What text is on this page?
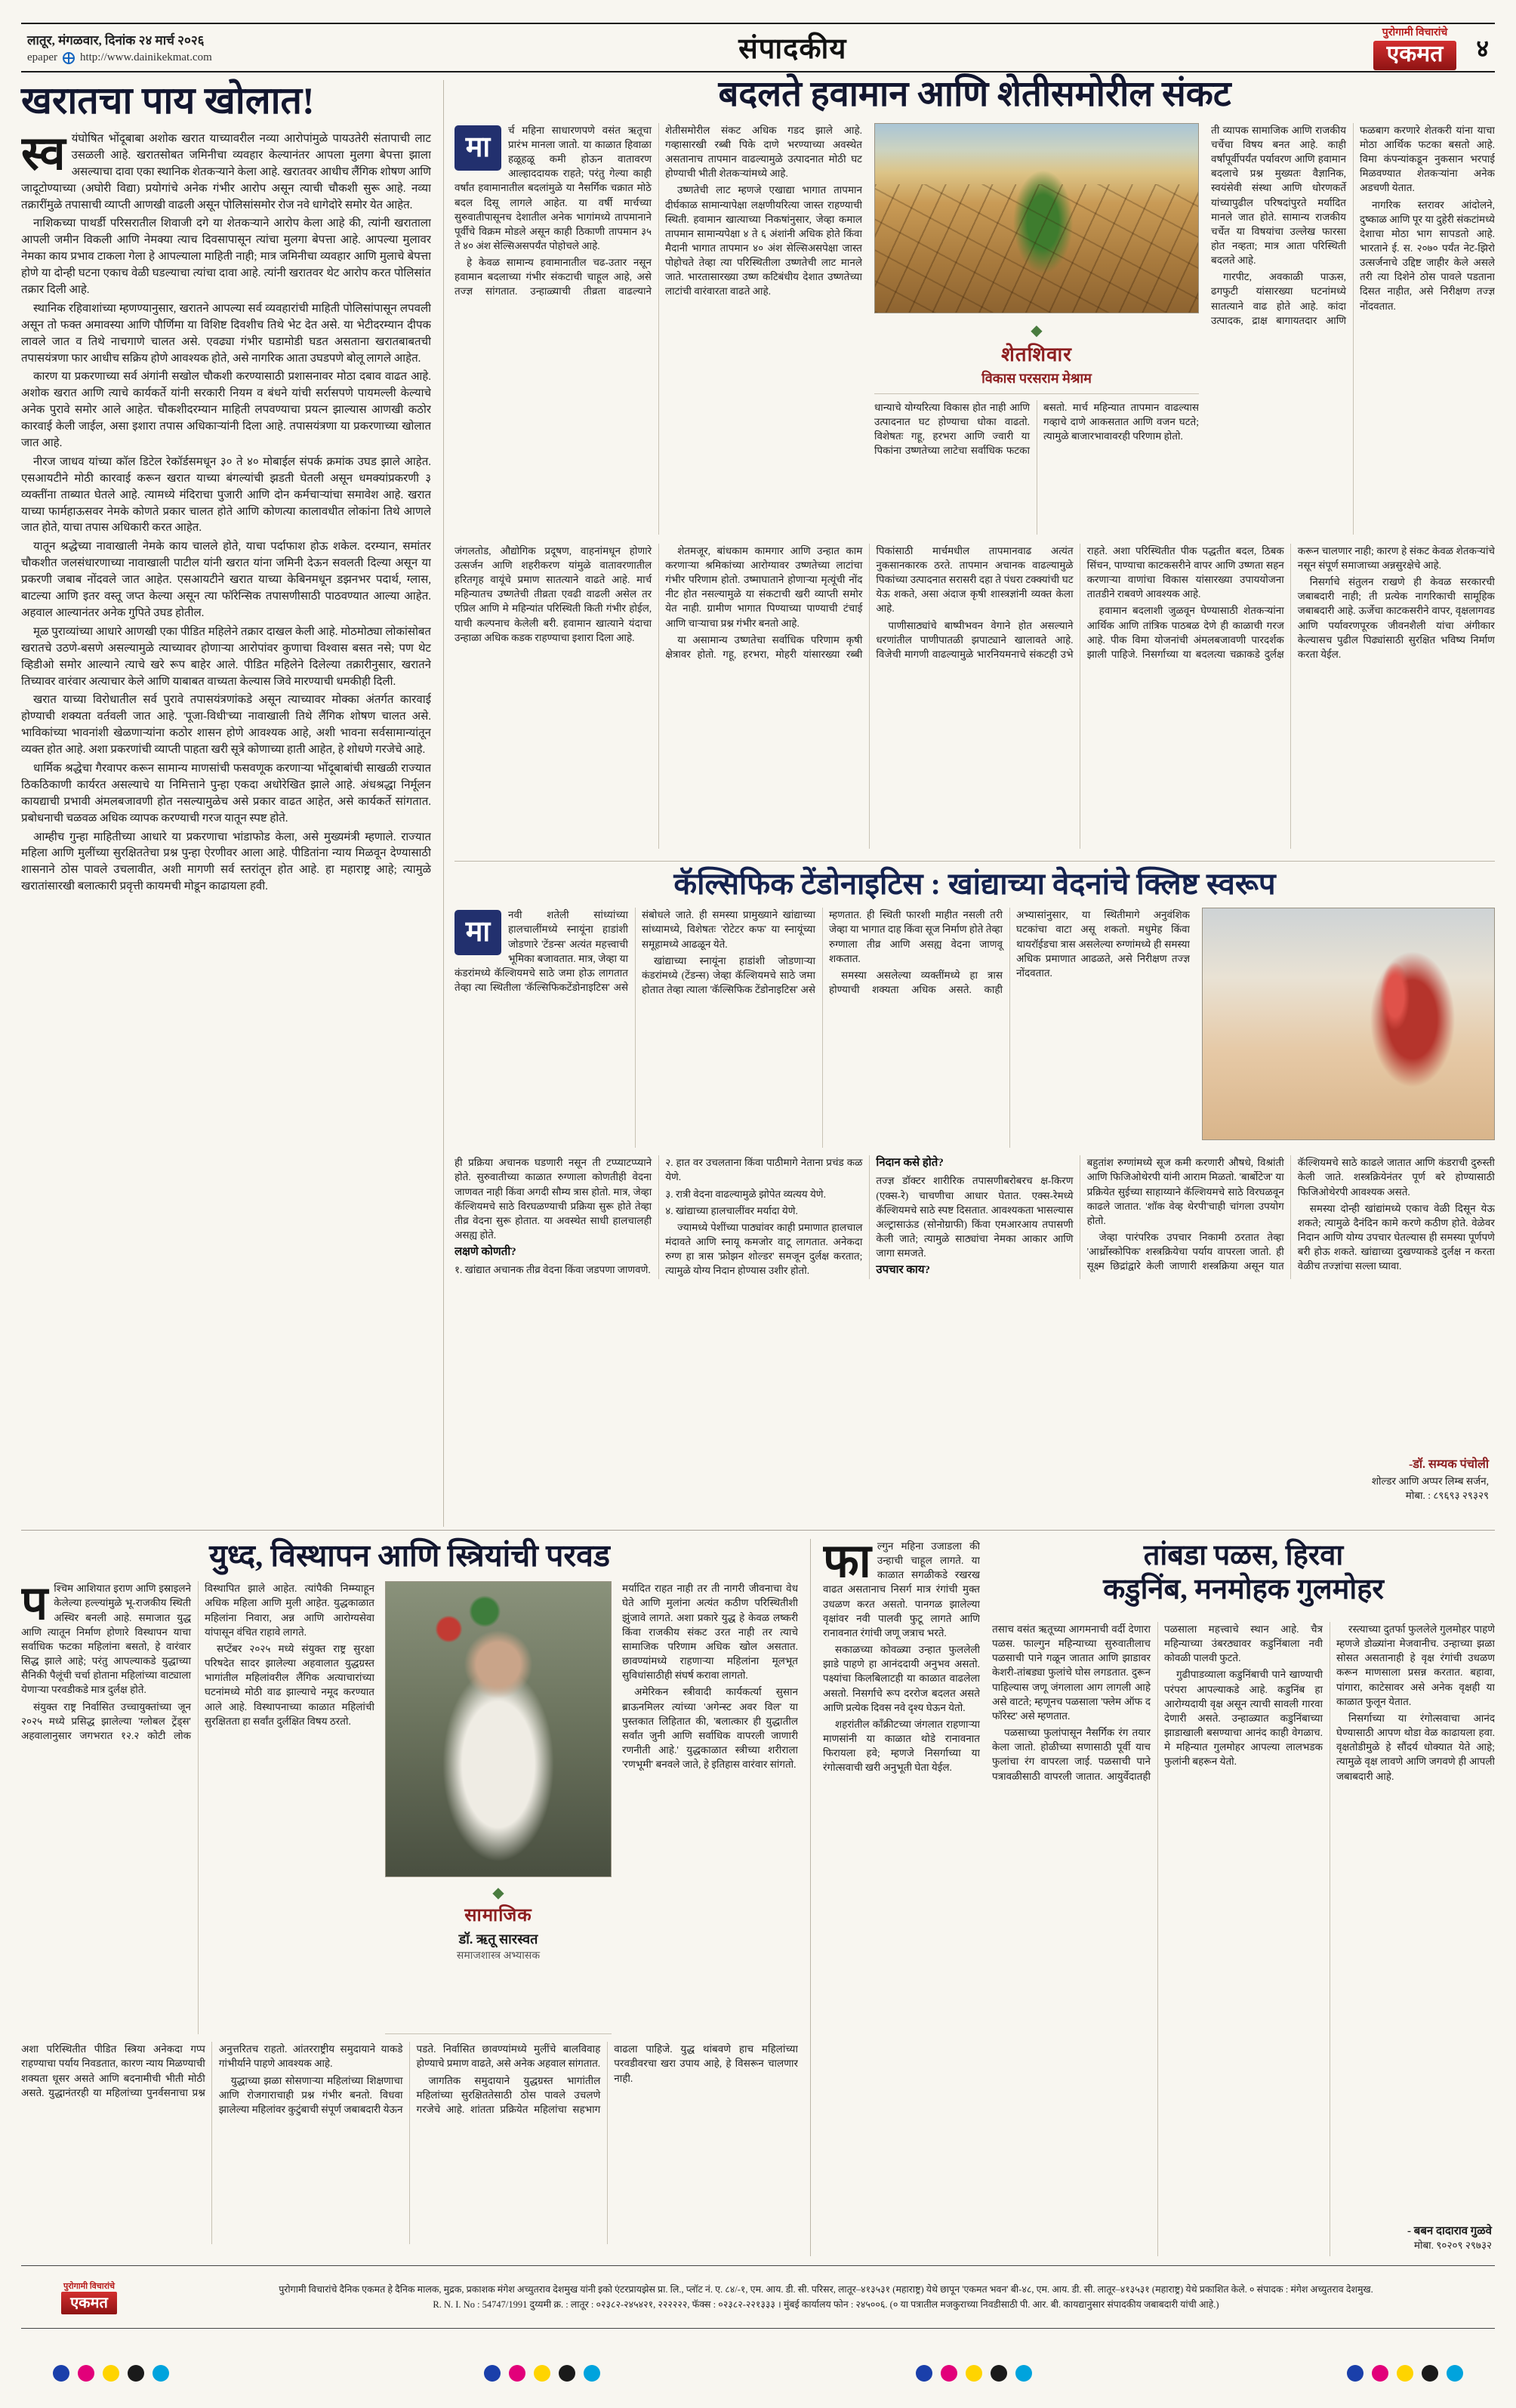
लातूर, मंगळवार, दिनांक २४ मार्च २०२६
epaper http://www.dainikekmat.com	संपादकीय
पुरोगामी विचारांचे
एकमत	४
खरातचा पाय खोलात!

स्व यंघोषित भोंदूबाबा अशोक खरात याच्यावरील नव्या आरोपांमुळे पायउतेरी संतापाची लाट उसळली आहे. खरातसोबत जमिनीचा व्यवहार केल्यानंतर आपला मुलगा बेपत्ता झाला असल्याचा दावा एका स्थानिक शेतकऱ्याने केला आहे. खरातवर आधीच लैंगिक शोषण आणि जादूटोण्याच्या (अघोरी विद्या) प्रयोगांचे अनेक गंभीर आरोप असून त्याची चौकशी सुरू आहे. नव्या तक्रारींमुळे तपासाची व्याप्ती आणखी वाढली असून पोलिसांसमोर रोज नवे धागेदोरे समोर येत आहेत.

नाशिकच्या पाथर्डी परिसरातील शिवाजी दगे या शेतकऱ्याने आरोप केला आहे की, त्यांनी खराताला आपली जमीन विकली आणि नेमक्या त्याच दिवसापासून त्यांचा मुलगा बेपत्ता आहे. आपल्या मुलावर नेमका काय प्रभाव टाकला गेला हे आपल्याला माहिती नाही; मात्र जमिनीचा व्यवहार आणि मुलाचे बेपत्ता होणे या दोन्ही घटना एकाच वेळी घडल्याचा त्यांचा दावा आहे. त्यांनी खरातवर थेट आरोप करत पोलिसांत तक्रार दिली आहे.

स्थानिक रहिवाशांच्या म्हणण्यानुसार, खरातने आपल्या सर्व व्यवहारांची माहिती पोलिसांपासून लपवली असून तो फक्त अमावस्या आणि पौर्णिमा या विशिष्ट दिवशीच तिथे भेट देत असे. या भेटीदरम्यान दीपक लावले जात व तिथे नाचगाणे चालत असे. एवढ्या गंभीर घडामोडी घडत असताना खरातबाबतची तपासयंत्रणा फार आधीच सक्रिय होणे आवश्यक होते, असे नागरिक आता उघडपणे बोलू लागले आहेत.

कारण या प्रकरणाच्या सर्व अंगांनी सखोल चौकशी करण्यासाठी प्रशासनावर मोठा दबाव वाढत आहे. अशोक खरात आणि त्याचे कार्यकर्ते यांनी सरकारी नियम व बंधने यांची सर्रासपणे पायमल्ली केल्याचे अनेक पुरावे समोर आले आहेत. चौकशीदरम्यान माहिती लपवण्याचा प्रयत्न झाल्यास आणखी कठोर कारवाई केली जाईल, असा इशारा तपास अधिकाऱ्यांनी दिला आहे. तपासयंत्रणा या प्रकरणाच्या खोलात जात आहे.

नीरज जाधव यांच्या कॉल डिटेल रेकॉर्डसमधून ३० ते ४० मोबाईल संपर्क क्रमांक उघड झाले आहेत. एसआयटीने मोठी कारवाई करून खरात याच्या बंगल्यांची झडती घेतली असून धमक्यांप्रकरणी ३ व्यक्तींना ताब्यात घेतले आहे. त्यामध्ये मंदिराचा पुजारी आणि दोन कर्मचाऱ्यांचा समावेश आहे. खरात याच्या फार्महाऊसवर नेमके कोणते प्रकार चालत होते आणि कोणत्या कालावधीत लोकांना तिथे आणले जात होते, याचा तपास अधिकारी करत आहेत.

यातून श्रद्धेच्या नावाखाली नेमके काय चालले होते, याचा पर्दाफाश होऊ शकेल. दरम्यान, समांतर चौकशीत जलसंधारणाच्या नावाखाली पाटील यांनी खरात यांना जमिनी देऊन सवलती दिल्या असून या प्रकरणी जबाब नोंदवले जात आहेत. एसआयटीने खरात याच्या केबिनमधून डझनभर पदार्थ, ग्लास, बाटल्या आणि इतर वस्तू जप्त केल्या असून त्या फॉरेन्सिक तपासणीसाठी पाठवण्यात आल्या आहेत. अहवाल आल्यानंतर अनेक गुपिते उघड होतील.

मूळ पुराव्यांच्या आधारे आणखी एका पीडित महिलेने तक्रार दाखल केली आहे. मोठमोठ्या लोकांसोबत खरातचे उठणे-बसणे असल्यामुळे त्याच्यावर होणाऱ्या आरोपांवर कुणाचा विश्वास बसत नसे; पण थेट व्हिडीओ समोर आल्याने त्याचे खरे रूप बाहेर आले. पीडित महिलेने दिलेल्या तक्रारीनुसार, खरातने तिच्यावर वारंवार अत्याचार केले आणि याबाबत वाच्यता केल्यास जिवे मारण्याची धमकीही दिली.

खरात याच्या विरोधातील सर्व पुरावे तपासयंत्रणांकडे असून त्याच्यावर मोक्का अंतर्गत कारवाई होण्याची शक्यता वर्तवली जात आहे. 'पूजा-विधी'च्या नावाखाली तिथे लैंगिक शोषण चालत असे. भाविकांच्या भावनांशी खेळणाऱ्यांना कठोर शासन होणे आवश्यक आहे, अशी भावना सर्वसामान्यांतून व्यक्त होत आहे. अशा प्रकरणांची व्याप्ती पाहता खरी सूत्रे कोणाच्या हाती आहेत, हे शोधणे गरजेचे आहे.

धार्मिक श्रद्धेचा गैरवापर करून सामान्य माणसांची फसवणूक करणाऱ्या भोंदूबाबांची साखळी राज्यात ठिकठिकाणी कार्यरत असल्याचे या निमित्ताने पुन्हा एकदा अधोरेखित झाले आहे. अंधश्रद्धा निर्मूलन कायद्याची प्रभावी अंमलबजावणी होत नसल्यामुळेच असे प्रकार वाढत आहेत, असे कार्यकर्ते सांगतात. प्रबोधनाची चळवळ अधिक व्यापक करण्याची गरज यातून स्पष्ट होते.

आम्हीच गुन्हा माहितीच्या आधारे या प्रकरणाचा भांडाफोड केला, असे मुख्यमंत्री म्हणाले. राज्यात महिला आणि मुलींच्या सुरक्षिततेचा प्रश्न पुन्हा ऐरणीवर आला आहे. पीडितांना न्याय मिळवून देण्यासाठी शासनाने ठोस पावले उचलावीत, अशी मागणी सर्व स्तरांतून होत आहे. हा महाराष्ट्र आहे; त्यामुळे खरातांसारखी बलात्कारी प्रवृत्ती कायमची मोडून काढायला हवी.

बदलते हवामान आणि शेतीसमोरील संकट

मा
र्च महिना साधारणपणे वसंत ऋतूचा प्रारंभ मानला जातो. या काळात हिवाळा हळूहळू कमी होऊन वातावरण आल्हाददायक राहते; परंतु गेल्या काही वर्षांत हवामानातील बदलांमुळे या नैसर्गिक चक्रात मोठे बदल दिसू लागले आहेत. या वर्षी मार्चच्या सुरुवातीपासूनच देशातील अनेक भागांमध्ये तापमानाने पूर्वीचे विक्रम मोडले असून काही ठिकाणी तापमान ३५ ते ४० अंश सेल्सिअसपर्यंत पोहोचले आहे.

हे केवळ सामान्य हवामानातील चढ-उतार नसून हवामान बदलाच्या गंभीर संकटाची चाहूल आहे, असे तज्ज्ञ सांगतात. उन्हाळ्याची तीव्रता वाढल्याने शेतीसमोरील संकट अधिक गडद झाले आहे. गव्हासारखी रब्बी पिके दाणे भरण्याच्या अवस्थेत असतानाच तापमान वाढल्यामुळे उत्पादनात मोठी घट होण्याची भीती शेतकऱ्यांमध्ये आहे.

उष्णतेची लाट म्हणजे एखाद्या भागात तापमान दीर्घकाळ सामान्यापेक्षा लक्षणीयरित्या जास्त राहण्याची स्थिती. हवामान खात्याच्या निकषांनुसार, जेव्हा कमाल तापमान सामान्यपेक्षा ४ ते ६ अंशांनी अधिक होते किंवा मैदानी भागात तापमान ४० अंश सेल्सिअसपेक्षा जास्त पोहोचते तेव्हा त्या परिस्थितीला उष्णतेची लाट मानले जाते. भारतासारख्या उष्ण कटिबंधीय देशात उष्णतेच्या लाटांची वारंवारता वाढते आहे.

◆
शेतशिवार
विकास परसराम मेश्राम

धान्याचे योग्यरित्या विकास होत नाही आणि उत्पादनात घट होण्याचा धोका वाढतो. विशेषतः गहू, हरभरा आणि ज्वारी या पिकांना उष्णतेच्या लाटेचा सर्वाधिक फटका बसतो. मार्च महिन्यात तापमान वाढल्यास गव्हाचे दाणे आकसतात आणि वजन घटते; त्यामुळे बाजारभावावरही परिणाम होतो.

ती व्यापक सामाजिक आणि राजकीय चर्चेचा विषय बनत आहे. काही वर्षांपूर्वीपर्यंत पर्यावरण आणि हवामान बदलाचे प्रश्न मुख्यतः वैज्ञानिक, स्वयंसेवी संस्था आणि धोरणकर्ते यांच्यापुढील परिषदांपुरते मर्यादित मानले जात होते. सामान्य राजकीय चर्चेत या विषयांचा उल्लेख फारसा होत नव्हता; मात्र आता परिस्थिती बदलते आहे.

गारपीट, अवकाळी पाऊस, ढगफुटी यांसारख्या घटनांमध्ये सातत्याने वाढ होते आहे. कांदा उत्पादक, द्राक्ष बागायतदार आणि फळबाग करणारे शेतकरी यांना याचा मोठा आर्थिक फटका बसतो आहे. विमा कंपन्यांकडून नुकसान भरपाई मिळवण्यात शेतकऱ्यांना अनेक अडचणी येतात.

नागरिक स्तरावर आंदोलने, दुष्काळ आणि पूर या दुहेरी संकटांमध्ये देशाचा मोठा भाग सापडतो आहे. भारताने ई. स. २०७० पर्यंत नेट-झिरो उत्सर्जनाचे उद्दिष्ट जाहीर केले असले तरी त्या दिशेने ठोस पावले पडताना दिसत नाहीत, असे निरीक्षण तज्ज्ञ नोंदवतात.

जंगलतोड, औद्योगिक प्रदूषण, वाहनांमधून होणारे उत्सर्जन आणि शहरीकरण यांमुळे वातावरणातील हरितगृह वायूंचे प्रमाण सातत्याने वाढते आहे. मार्च महिन्यातच उष्णतेची तीव्रता एवढी वाढली असेल तर एप्रिल आणि मे महिन्यांत परिस्थिती किती गंभीर होईल, याची कल्पनाच केलेली बरी. हवामान खात्याने यंदाचा उन्हाळा अधिक कडक राहण्याचा इशारा दिला आहे.

शेतमजूर, बांधकाम कामगार आणि उन्हात काम करणाऱ्या श्रमिकांच्या आरोग्यावर उष्णतेच्या लाटांचा गंभीर परिणाम होतो. उष्माघाताने होणाऱ्या मृत्यूंची नोंद नीट होत नसल्यामुळे या संकटाची खरी व्याप्ती समोर येत नाही. ग्रामीण भागात पिण्याच्या पाण्याची टंचाई आणि चाऱ्याचा प्रश्न गंभीर बनतो आहे.

या असामान्य उष्णतेचा सर्वाधिक परिणाम कृषी क्षेत्रावर होतो. गहू, हरभरा, मोहरी यांसारख्या रब्बी पिकांसाठी मार्चमधील तापमानवाढ अत्यंत नुकसानकारक ठरते. तापमान अचानक वाढल्यामुळे पिकांच्या उत्पादनात सरासरी दहा ते पंधरा टक्क्यांची घट येऊ शकते, असा अंदाज कृषी शास्त्रज्ञांनी व्यक्त केला आहे.

पाणीसाठ्यांचे बाष्पीभवन वेगाने होत असल्याने धरणांतील पाणीपातळी झपाट्याने खालावते आहे. विजेची मागणी वाढल्यामुळे भारनियमनाचे संकटही उभे राहते. अशा परिस्थितीत पीक पद्धतीत बदल, ठिबक सिंचन, पाण्याचा काटकसरीने वापर आणि उष्णता सहन करणाऱ्या वाणांचा विकास यांसारख्या उपाययोजना तातडीने राबवणे आवश्यक आहे.

हवामान बदलाशी जुळवून घेण्यासाठी शेतकऱ्यांना आर्थिक आणि तांत्रिक पाठबळ देणे ही काळाची गरज आहे. पीक विमा योजनांची अंमलबजावणी पारदर्शक झाली पाहिजे. निसर्गाच्या या बदलत्या चक्राकडे दुर्लक्ष करून चालणार नाही; कारण हे संकट केवळ शेतकऱ्यांचे नसून संपूर्ण समाजाच्या अन्नसुरक्षेचे आहे.

निसर्गाचे संतुलन राखणे ही केवळ सरकारची जबाबदारी नाही; ती प्रत्येक नागरिकाची सामूहिक जबाबदारी आहे. ऊर्जेचा काटकसरीने वापर, वृक्षलागवड आणि पर्यावरणपूरक जीवनशैली यांचा अंगीकार केल्यासच पुढील पिढ्यांसाठी सुरक्षित भविष्य निर्माण करता येईल.

कॅल्सिफिक टेंडोनाइटिस : खांद्याच्या वेदनांचे क्लिष्ट स्वरूप

मा
नवी शतेली सांध्यांच्या हालचालींमध्ये स्नायूंना हाडांशी जोडणारे 'टेंडन्स' अत्यंत महत्त्वाची भूमिका बजावतात. मात्र, जेव्हा या कंडरांमध्ये कॅल्शियमचे साठे जमा होऊ लागतात तेव्हा त्या स्थितीला 'कॅल्सिफिकटेंडोनाइटिस' असे संबोधले जाते. ही समस्या प्रामुख्याने खांद्याच्या सांध्यामध्ये, विशेषतः 'रोटेटर कफ' या स्नायूंच्या समूहामध्ये आढळून येते.

खांद्याच्या स्नायूंना हाडांशी जोडणाऱ्या कंडरांमध्ये (टेंडन्स) जेव्हा कॅल्शियमचे साठे जमा होतात तेव्हा त्याला 'कॅल्सिफिक टेंडोनाइटिस' असे म्हणतात. ही स्थिती फारशी माहीत नसली तरी जेव्हा या भागात दाह किंवा सूज निर्माण होते तेव्हा रुग्णाला तीव्र आणि असह्य वेदना जाणवू शकतात.

समस्या असलेल्या व्यक्तींमध्ये हा त्रास होण्याची शक्यता अधिक असते. काही अभ्यासांनुसार, या स्थितीमागे अनुवंशिक घटकांचा वाटा असू शकतो. मधुमेह किंवा थायरॉईडचा त्रास असलेल्या रुग्णांमध्ये ही समस्या अधिक प्रमाणात आढळते, असे निरीक्षण तज्ज्ञ नोंदवतात.

ही प्रक्रिया अचानक घडणारी नसून ती टप्प्याटप्प्याने होते. सुरुवातीच्या काळात रुग्णाला कोणतीही वेदना जाणवत नाही किंवा अगदी सौम्य त्रास होतो. मात्र, जेव्हा कॅल्शियमचे साठे विरघळण्याची प्रक्रिया सुरू होते तेव्हा तीव्र वेदना सुरू होतात. या अवस्थेत साधी हालचालही असह्य होते.

लक्षणे कोणती?

१. खांद्यात अचानक तीव्र वेदना किंवा जडपणा जाणवणे.

२. हात वर उचलताना किंवा पाठीमागे नेताना प्रचंड कळ येणे.

३. रात्री वेदना वाढल्यामुळे झोपेत व्यत्यय येणे.

४. खांद्याच्या हालचालींवर मर्यादा येणे.

ज्यामध्ये पेशींच्या पाठ्यांवर काही प्रमाणात हालचाल मंदावते आणि स्नायू कमजोर वाटू लागतात. अनेकदा रुग्ण हा त्रास 'फ्रोझन शोल्डर' समजून दुर्लक्ष करतात; त्यामुळे योग्य निदान होण्यास उशीर होतो.

निदान कसे होते?

तज्ज्ञ डॉक्टर शारीरिक तपासणीबरोबरच क्ष-किरण (एक्स-रे) चाचणीचा आधार घेतात. एक्स-रेमध्ये कॅल्शियमचे साठे स्पष्ट दिसतात. आवश्यकता भासल्यास अल्ट्रासाऊंड (सोनोग्राफी) किंवा एमआरआय तपासणी केली जाते; त्यामुळे साठ्यांचा नेमका आकार आणि जागा समजते.

उपचार काय?

बहुतांश रुग्णांमध्ये सूज कमी करणारी औषधे, विश्रांती आणि फिजिओथेरपी यांनी आराम मिळतो. 'बार्बोटेज' या प्रक्रियेत सुईच्या साहाय्याने कॅल्शियमचे साठे विरघळवून काढले जातात. 'शॉक वेव्ह थेरपी'चाही चांगला उपयोग होतो.

जेव्हा पारंपरिक उपचार निकामी ठरतात तेव्हा 'आर्थ्रोस्कोपिक' शस्त्रक्रियेचा पर्याय वापरला जातो. ही सूक्ष्म छिद्रांद्वारे केली जाणारी शस्त्रक्रिया असून यात कॅल्शियमचे साठे काढले जातात आणि कंडराची दुरुस्ती केली जाते. शस्त्रक्रियेनंतर पूर्ण बरे होण्यासाठी फिजिओथेरपी आवश्यक असते.

समस्या दोन्ही खांद्यांमध्ये एकाच वेळी दिसून येऊ शकते; त्यामुळे दैनंदिन कामे करणे कठीण होते. वेळेवर निदान आणि योग्य उपचार घेतल्यास ही समस्या पूर्णपणे बरी होऊ शकते. खांद्याच्या दुखण्याकडे दुर्लक्ष न करता वेळीच तज्ज्ञांचा सल्ला घ्यावा.

-डॉ. सम्यक पंचोली
शोल्डर आणि अप्पर लिम्ब सर्जन,
मोबा. : ८९६९३ २९३२९
युध्द, विस्थापन आणि स्त्रियांची परवड

पश्चिम आशियात इराण आणि इस्राइलने केलेल्या हल्ल्यांमुळे भू-राजकीय स्थिती अस्थिर बनली आहे. समाजात युद्ध आणि त्यातून निर्माण होणारे विस्थापन याचा सर्वाधिक फटका महिलांना बसतो, हे वारंवार सिद्ध झाले आहे; परंतु आपल्याकडे युद्धाच्या सैनिकी पैलूंची चर्चा होताना महिलांच्या वाट्याला येणाऱ्या परवडीकडे मात्र दुर्लक्ष होते.

संयुक्त राष्ट्र निर्वासित उच्चायुक्तांच्या जून २०२५ मध्ये प्रसिद्ध झालेल्या 'ग्लोबल ट्रेंड्स' अहवालानुसार जगभरात १२.२ कोटी लोक विस्थापित झाले आहेत. त्यांपैकी निम्म्याहून अधिक महिला आणि मुली आहेत. युद्धकाळात महिलांना निवारा, अन्न आणि आरोग्यसेवा यांपासून वंचित राहावे लागते.

सप्टेंबर २०२५ मध्ये संयुक्त राष्ट्र सुरक्षा परिषदेत सादर झालेल्या अहवालात युद्धग्रस्त भागांतील महिलांवरील लैंगिक अत्याचारांच्या घटनांमध्ये मोठी वाढ झाल्याचे नमूद करण्यात आले आहे. विस्थापनाच्या काळात महिलांची सुरक्षितता हा सर्वांत दुर्लक्षित विषय ठरतो.

◆
सामाजिक
डॉ. ऋतू सारस्वत
समाजशास्त्र अभ्यासक

मर्यादित राहत नाही तर ती नागरी जीवनाचा वेध घेते आणि मुलांना अत्यंत कठीण परिस्थितीशी झुंजावे लागते. अशा प्रकारे युद्ध हे केवळ लष्करी किंवा राजकीय संकट उरत नाही तर त्याचे सामाजिक परिणाम अधिक खोल असतात. छावण्यांमध्ये राहणाऱ्या महिलांना मूलभूत सुविधांसाठीही संघर्ष करावा लागतो.

अमेरिकन स्त्रीवादी कार्यकर्त्या सुसान ब्राऊनमिलर त्यांच्या 'अगेन्स्ट अवर विल' या पुस्तकात लिहितात की, 'बलात्कार ही युद्धातील सर्वांत जुनी आणि सर्वाधिक वापरली जाणारी रणनीती आहे.' युद्धकाळात स्त्रीच्या शरीराला 'रणभूमी' बनवले जाते, हे इतिहास वारंवार सांगतो.

अशा परिस्थितीत पीडित स्त्रिया अनेकदा गप्प राहण्याचा पर्याय निवडतात, कारण न्याय मिळण्याची शक्यता धूसर असते आणि बदनामीची भीती मोठी असते. युद्धानंतरही या महिलांच्या पुनर्वसनाचा प्रश्न अनुत्तरितच राहतो. आंतरराष्ट्रीय समुदायाने याकडे गांभीर्याने पाहणे आवश्यक आहे.

युद्धाच्या झळा सोसणाऱ्या महिलांच्या शिक्षणाचा आणि रोजगाराचाही प्रश्न गंभीर बनतो. विधवा झालेल्या महिलांवर कुटुंबाची संपूर्ण जबाबदारी येऊन पडते. निर्वासित छावण्यांमध्ये मुलींचे बालविवाह होण्याचे प्रमाण वाढते, असे अनेक अहवाल सांगतात.

जागतिक समुदायाने युद्धग्रस्त भागांतील महिलांच्या सुरक्षिततेसाठी ठोस पावले उचलणे गरजेचे आहे. शांतता प्रक्रियेत महिलांचा सहभाग वाढला पाहिजे. युद्ध थांबवणे हाच महिलांच्या परवडीवरचा खरा उपाय आहे, हे विसरून चालणार नाही.

फाल्गुन महिना उजाडला की उन्हाची चाहूल लागते. या काळात सगळीकडे रखरख वाढत असतानाच निसर्ग मात्र रंगांची मुक्त उधळण करत असतो. पानगळ झालेल्या वृक्षांवर नवी पालवी फुटू लागते आणि रानावनात रंगांची जणू जत्राच भरते.

सकाळच्या कोवळ्या उन्हात फुललेली झाडे पाहणे हा आनंददायी अनुभव असतो. पक्ष्यांचा किलबिलाटही या काळात वाढलेला असतो. निसर्गाचे रूप दररोज बदलत असते आणि प्रत्येक दिवस नवे दृश्य घेऊन येतो.

शहरांतील काँक्रीटच्या जंगलात राहणाऱ्या माणसांनी या काळात थोडे रानावनात फिरायला हवे; म्हणजे निसर्गाच्या या रंगोत्सवाची खरी अनुभूती घेता येईल.

तांबडा पळस, हिरवा
कडुनिंब, मनमोहक गुलमोहर

तसाच वसंत ऋतूच्या आगमनाची वर्दी देणारा पळस. फाल्गुन महिन्याच्या सुरुवातीलाच पळसाची पाने गळून जातात आणि झाडावर केशरी-तांबड्या फुलांचे घोस लगडतात. दुरून पाहिल्यास जणू जंगलाला आग लागली आहे असे वाटते; म्हणूनच पळसाला 'फ्लेम ऑफ द फॉरेस्ट' असे म्हणतात.

पळसाच्या फुलांपासून नैसर्गिक रंग तयार केला जातो. होळीच्या सणासाठी पूर्वी याच फुलांचा रंग वापरला जाई. पळसाची पाने पत्रावळीसाठी वापरली जातात. आयुर्वेदातही पळसाला महत्त्वाचे स्थान आहे. चैत्र महिन्याच्या उंबरठ्यावर कडुनिंबाला नवी कोवळी पालवी फुटते.

गुढीपाडव्याला कडुनिंबाची पाने खाण्याची परंपरा आपल्याकडे आहे. कडुनिंब हा आरोग्यदायी वृक्ष असून त्याची सावली गारवा देणारी असते. उन्हाळ्यात कडुनिंबाच्या झाडाखाली बसण्याचा आनंद काही वेगळाच. मे महिन्यात गुलमोहर आपल्या लालभडक फुलांनी बहरून येतो.

रस्त्याच्या दुतर्फा फुललेले गुलमोहर पाहणे म्हणजे डोळ्यांना मेजवानीच. उन्हाच्या झळा सोसत असतानाही हे वृक्ष रंगांची उधळण करून माणसाला प्रसन्न करतात. बहावा, पांगारा, काटेसावर असे अनेक वृक्षही या काळात फुलून येतात.

निसर्गाच्या या रंगोत्सवाचा आनंद घेण्यासाठी आपण थोडा वेळ काढायला हवा. वृक्षतोडीमुळे हे सौंदर्य धोक्यात येते आहे; त्यामुळे वृक्ष लावणे आणि जगवणे ही आपली जबाबदारी आहे.

- बबन दादाराव गुळवे
मोबा. ९०२०९ २९७३२
पुरोगामी विचारांचे
एकमत
पुरोगामी विचारांचे दैनिक एकमत हे दैनिक मालक, मुद्रक, प्रकाशक मंगेश अच्युतराव देशमुख यांनी इको एंटरप्रायझेस प्रा. लि., प्लॉट नं. ए. ८४/-१, एम. आय. डी. सी. परिसर, लातूर–४१३५३१ (महाराष्ट्र) येथे छापून 'एकमत भवन' बी-४८, एम. आय. डी. सी. लातूर–४१३५३१ (महाराष्ट्र) येथे प्रकाशित केले. ० संपादक : मंगेश अच्युतराव देशमुख.
R. N. I. No : 54747/1991 दुय्यमी क्र. : लातूर : ०२३८२-२४५४२१, २२२२२२, फॅक्स : ०२३८२-२२१३३३ । मुंबई कार्यालय फोन : २४५००६. (० या पत्रातील मजकुराच्या निवडीसाठी पी. आर. बी. कायद्यानुसार संपादकीय जबाबदारी यांची आहे.)
